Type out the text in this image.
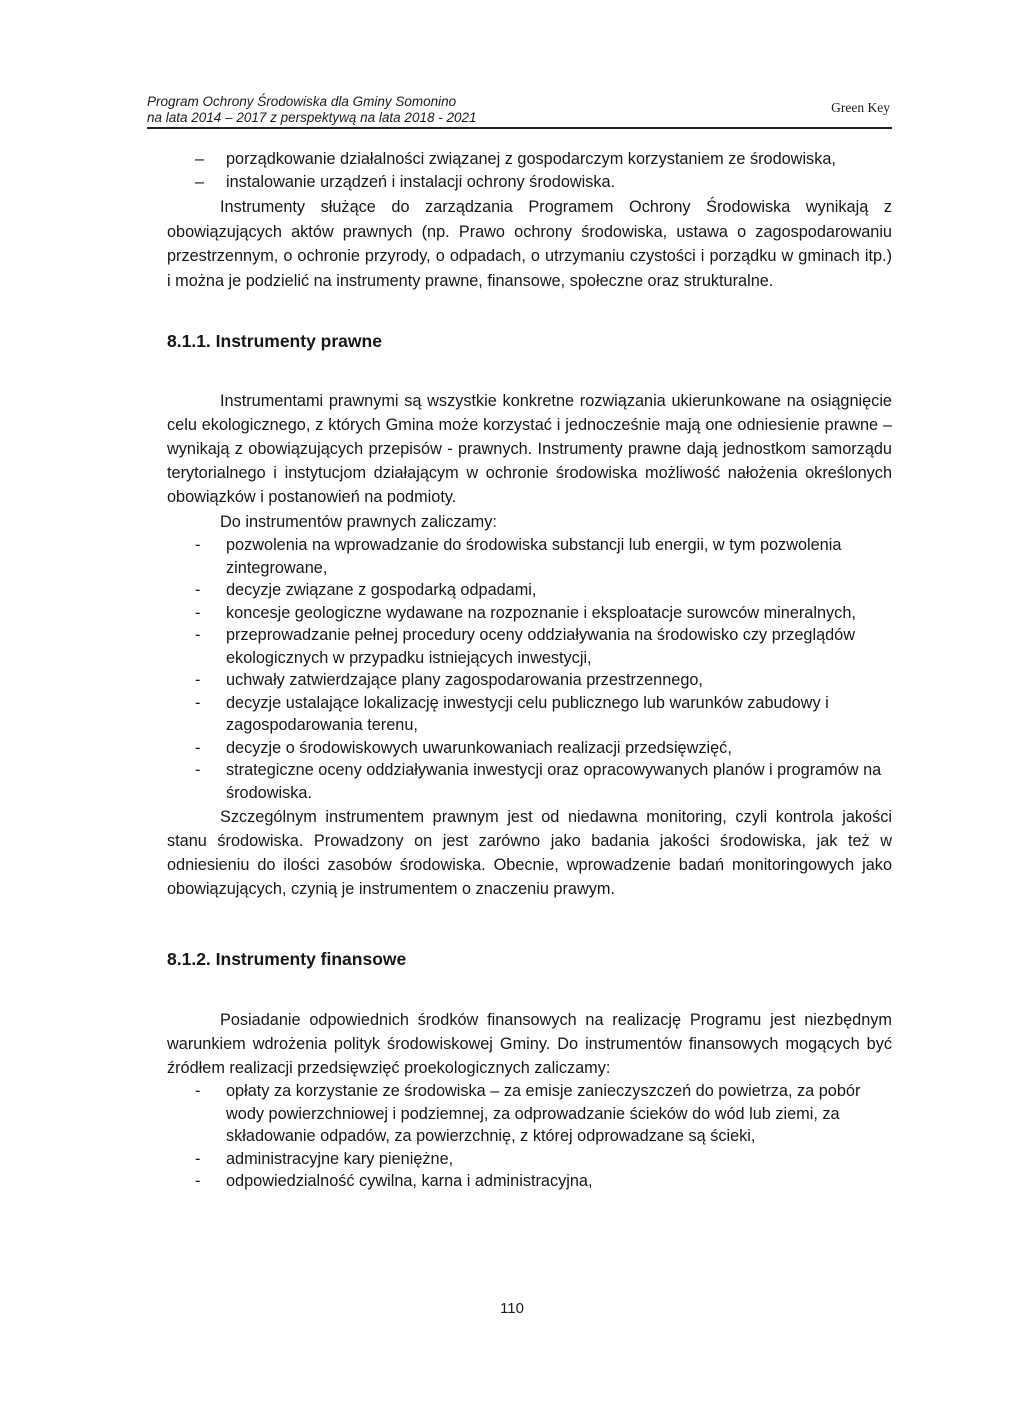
Program Ochrony Środowiska dla Gminy Somonino
na lata 2014 – 2017 z perspektywą na lata 2018 - 2021
Green Key
– porządkowanie działalności związanej z gospodarczym korzystaniem ze środowiska,
– instalowanie urządzeń i instalacji ochrony środowiska.
Instrumenty służące do zarządzania Programem Ochrony Środowiska wynikają z obowiązujących aktów prawnych (np. Prawo ochrony środowiska, ustawa o zagospodarowaniu przestrzennym, o ochronie przyrody, o odpadach, o utrzymaniu czystości i porządku w gminach itp.) i można je podzielić na instrumenty prawne, finansowe, społeczne oraz strukturalne.
8.1.1. Instrumenty prawne
Instrumentami prawnymi są wszystkie konkretne rozwiązania ukierunkowane na osiągnięcie celu ekologicznego, z których Gmina może korzystać i jednocześnie mają one odniesienie prawne – wynikają z obowiązujących przepisów - prawnych. Instrumenty prawne dają jednostkom samorządu terytorialnego i instytucjom działającym w ochronie środowiska możliwość nałożenia określonych obowiązków i postanowień na podmioty.
Do instrumentów prawnych zaliczamy:
- pozwolenia na wprowadzanie do środowiska substancji lub energii, w tym pozwolenia zintegrowane,
- decyzje związane z gospodarką odpadami,
- koncesje geologiczne wydawane na rozpoznanie i eksploatacje surowców mineralnych,
- przeprowadzanie pełnej procedury oceny oddziaływania na środowisko czy przeglądów ekologicznych w przypadku istniejących inwestycji,
- uchwały zatwierdzające plany zagospodarowania przestrzennego,
- decyzje ustalające lokalizację inwestycji celu publicznego lub warunków zabudowy i zagospodarowania terenu,
- decyzje o środowiskowych uwarunkowaniach realizacji przedsięwzięć,
- strategiczne oceny oddziaływania inwestycji oraz opracowywanych planów i programów na środowiska.
Szczególnym instrumentem prawnym jest od niedawna monitoring, czyli kontrola jakości stanu środowiska. Prowadzony on jest zarówno jako badania jakości środowiska, jak też w odniesieniu do ilości zasobów środowiska. Obecnie, wprowadzenie badań monitoringowych jako obowiązujących, czynią je instrumentem o znaczeniu prawym.
8.1.2. Instrumenty finansowe
Posiadanie odpowiednich środków finansowych na realizację Programu jest niezbędnym warunkiem wdrożenia polityk środowiskowej Gminy. Do instrumentów finansowych mogących być źródłem realizacji przedsięwzięć proekologicznych zaliczamy:
- opłaty za korzystanie ze środowiska – za emisje zanieczyszczeń do powietrza, za pobór wody powierzchniowej i podziemnej, za odprowadzanie ścieków do wód lub ziemi, za składowanie odpadów, za powierzchnię, z której odprowadzane są ścieki,
- administracyjne kary pieniężne,
- odpowiedzialność cywilna, karna i administracyjna,
110
